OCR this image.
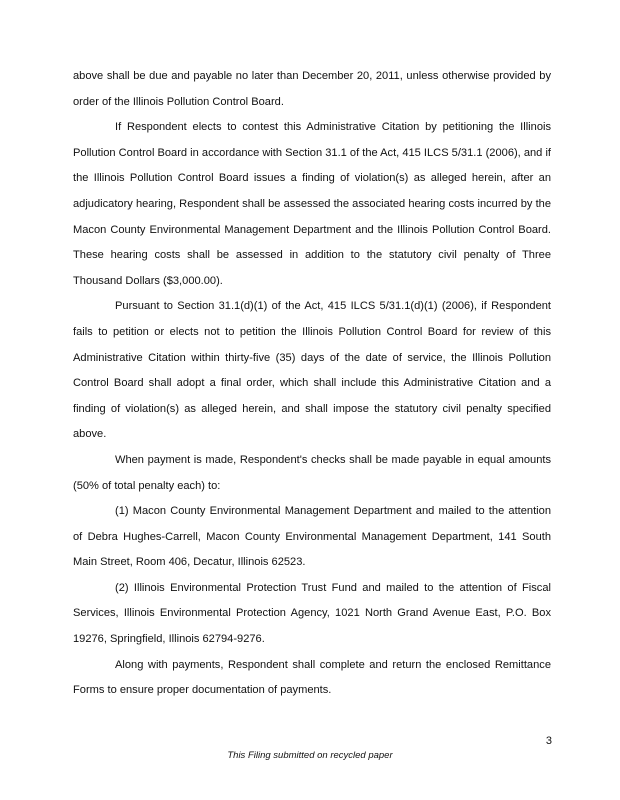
above shall be due and payable no later than December 20, 2011, unless otherwise provided by order of the Illinois Pollution Control Board.

If Respondent elects to contest this Administrative Citation by petitioning the Illinois Pollution Control Board in accordance with Section 31.1 of the Act, 415 ILCS 5/31.1 (2006), and if the Illinois Pollution Control Board issues a finding of violation(s) as alleged herein, after an adjudicatory hearing, Respondent shall be assessed the associated hearing costs incurred by the Macon County Environmental Management Department and the Illinois Pollution Control Board. These hearing costs shall be assessed in addition to the statutory civil penalty of Three Thousand Dollars ($3,000.00).

Pursuant to Section 31.1(d)(1) of the Act, 415 ILCS 5/31.1(d)(1) (2006), if Respondent fails to petition or elects not to petition the Illinois Pollution Control Board for review of this Administrative Citation within thirty-five (35) days of the date of service, the Illinois Pollution Control Board shall adopt a final order, which shall include this Administrative Citation and a finding of violation(s) as alleged herein, and shall impose the statutory civil penalty specified above.

When payment is made, Respondent's checks shall be made payable in equal amounts (50% of total penalty each) to:

(1) Macon County Environmental Management Department and mailed to the attention of Debra Hughes-Carrell, Macon County Environmental Management Department, 141 South Main Street, Room 406, Decatur, Illinois 62523.

(2) Illinois Environmental Protection Trust Fund and mailed to the attention of Fiscal Services, Illinois Environmental Protection Agency, 1021 North Grand Avenue East, P.O. Box 19276, Springfield, Illinois 62794-9276.

Along with payments, Respondent shall complete and return the enclosed Remittance Forms to ensure proper documentation of payments.

3
This Filing submitted on recycled paper
